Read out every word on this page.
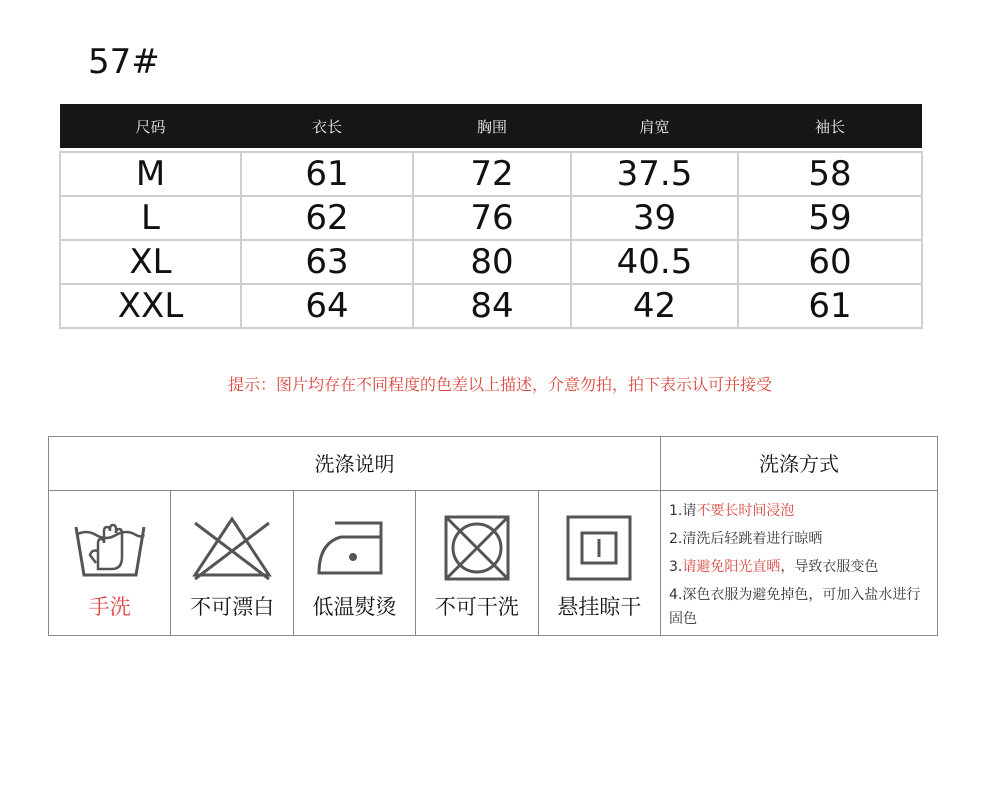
57#
尺码	衣长	胸围	肩宽	袖长

M	61	72	37.5	58
L	62	76	39	59
XL	63	80	40.5	60
XXL	64	84	42	61
提示：图片均存在不同程度的色差以上描述，介意勿拍，拍下表示认可并接受
洗涤说明	洗涤方式
手洗	不可漂白	低温熨烫	不可干洗	悬挂晾干
1.请不要长时间浸泡
2.清洗后轻跳着进行晾晒
3.请避免阳光直晒，导致衣服变色
4.深色衣服为避免掉色，可加入盐水进行固色
